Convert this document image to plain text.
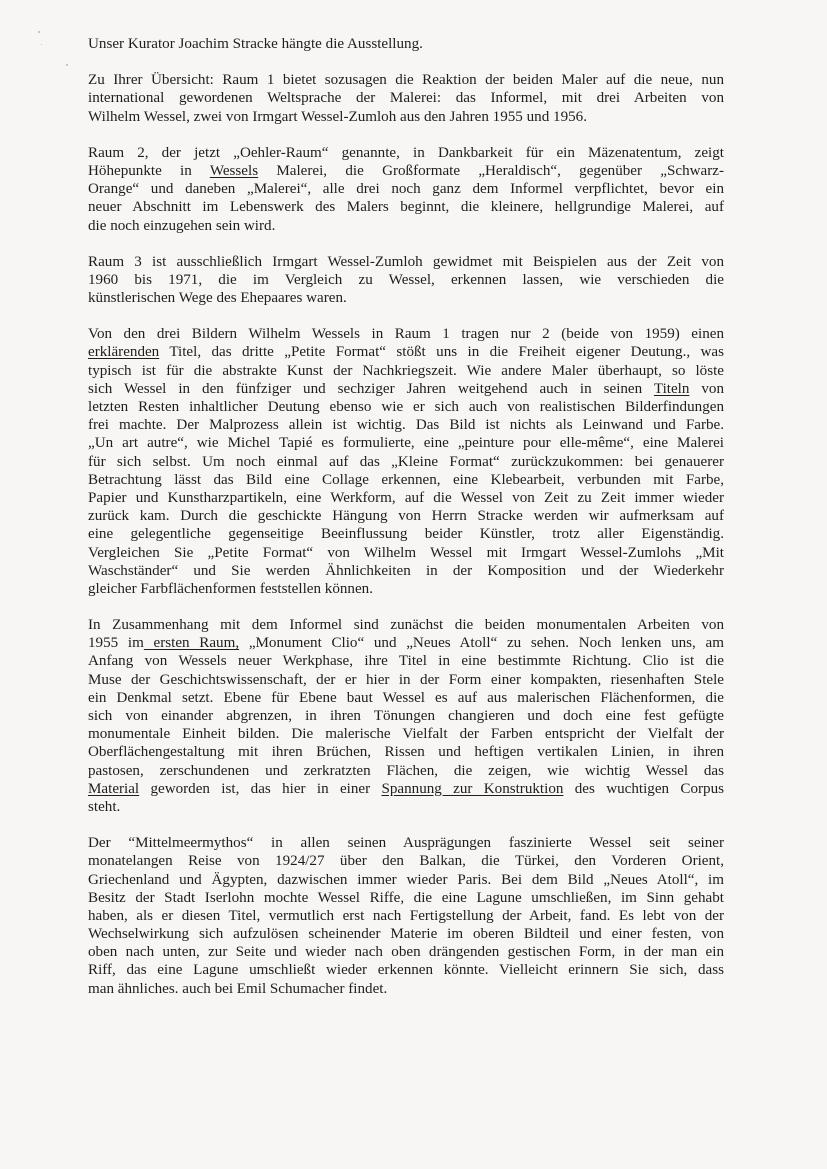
Unser Kurator Joachim Stracke hängte die Ausstellung.
Zu Ihrer Übersicht: Raum 1 bietet sozusagen die Reaktion der beiden Maler auf die neue, nun
international gewordenen Weltsprache der Malerei: das Informel, mit drei Arbeiten von
Wilhelm Wessel, zwei von Irmgart Wessel-Zumloh aus den Jahren 1955 und 1956.
Raum 2, der jetzt „Oehler-Raum“ genannte, in Dankbarkeit für ein Mäzenatentum, zeigt
Höhepunkte in Wessels Malerei, die Großformate „Heraldisch“, gegenüber „Schwarz-
Orange“ und daneben „Malerei“, alle drei noch ganz dem Informel verpflichtet, bevor ein
neuer Abschnitt im Lebenswerk des Malers beginnt, die kleinere, hellgrundige Malerei, auf
die noch einzugehen sein wird.
Raum 3 ist ausschließlich Irmgart Wessel-Zumloh gewidmet mit Beispielen aus der Zeit von
1960 bis 1971, die im Vergleich zu Wessel, erkennen lassen, wie verschieden die
künstlerischen Wege des Ehepaares waren.
Von den drei Bildern Wilhelm Wessels in Raum 1 tragen nur 2 (beide von 1959) einen
erklärenden Titel, das dritte „Petite Format“ stößt uns in die Freiheit eigener Deutung., was
typisch ist für die abstrakte Kunst der Nachkriegszeit. Wie andere Maler überhaupt, so löste
sich Wessel in den fünfziger und sechziger Jahren weitgehend auch in seinen Titeln von
letzten Resten inhaltlicher Deutung ebenso wie er sich auch von realistischen Bilderfindungen
frei machte. Der Malprozess allein ist wichtig. Das Bild ist nichts als Leinwand und Farbe.
„Un art autre“, wie Michel Tapié es formulierte, eine „peinture pour elle-même“, eine Malerei
für sich selbst. Um noch einmal auf das „Kleine Format“ zurückzukommen: bei genauerer
Betrachtung lässt das Bild eine Collage erkennen, eine Klebearbeit, verbunden mit Farbe,
Papier und Kunstharzpartikeln, eine Werkform, auf die Wessel von Zeit zu Zeit immer wieder
zurück kam. Durch die geschickte Hängung von Herrn Stracke werden wir aufmerksam auf
eine gelegentliche gegenseitige Beeinflussung beider Künstler, trotz aller Eigenständig.
Vergleichen Sie „Petite Format“ von Wilhelm Wessel mit Irmgart Wessel-Zumlohs „Mit
Waschständer“ und Sie werden Ähnlichkeiten in der Komposition und der Wiederkehr
gleicher Farbflächenformen feststellen können.
In Zusammenhang mit dem Informel sind zunächst die beiden monumentalen Arbeiten von
1955 im ersten Raum, „Monument Clio“ und „Neues Atoll“ zu sehen. Noch lenken uns, am
Anfang von Wessels neuer Werkphase, ihre Titel in eine bestimmte Richtung. Clio ist die
Muse der Geschichtswissenschaft, der er hier in der Form einer kompakten, riesenhaften Stele
ein Denkmal setzt. Ebene für Ebene baut Wessel es auf aus malerischen Flächenformen, die
sich von einander abgrenzen, in ihren Tönungen changieren und doch eine fest gefügte
monumentale Einheit bilden. Die malerische Vielfalt der Farben entspricht der Vielfalt der
Oberflächengestaltung mit ihren Brüchen, Rissen und heftigen vertikalen Linien, in ihren
pastosen, zerschundenen und zerkratzten Flächen, die zeigen, wie wichtig Wessel das
Material geworden ist, das hier in einer Spannung zur Konstruktion des wuchtigen Corpus
steht.
Der “Mittelmeermythos“ in allen seinen Ausprägungen faszinierte Wessel seit seiner
monatelangen Reise von 1924/27 über den Balkan, die Türkei, den Vorderen Orient,
Griechenland und Ägypten, dazwischen immer wieder Paris. Bei dem Bild „Neues Atoll“, im
Besitz der Stadt Iserlohn mochte Wessel Riffe, die eine Lagune umschließen, im Sinn gehabt
haben, als er diesen Titel, vermutlich erst nach Fertigstellung der Arbeit, fand. Es lebt von der
Wechselwirkung sich aufzulösen scheinender Materie im oberen Bildteil und einer festen, von
oben nach unten, zur Seite und wieder nach oben drängenden gestischen Form, in der man ein
Riff, das eine Lagune umschließt wieder erkennen könnte. Vielleicht erinnern Sie sich, dass
man ähnliches. auch bei Emil Schumacher findet.
